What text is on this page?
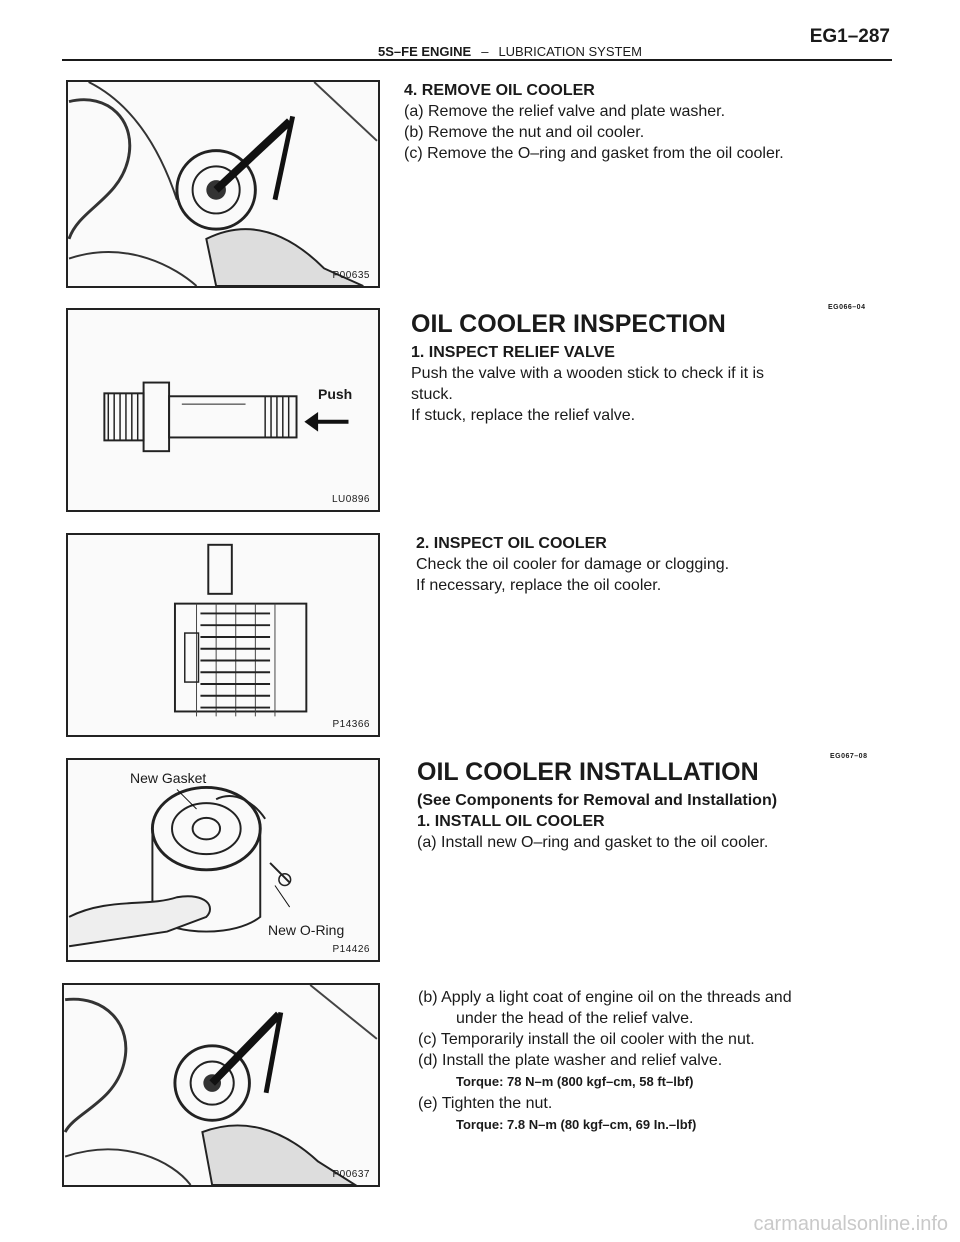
5S–FE ENGINE – LUBRICATION SYSTEM
EG1–287
P00635

4. REMOVE OIL COOLER

(a) Remove the relief valve and plate washer.

(b) Remove the nut and oil cooler.

(c) Remove the O–ring and gasket from the oil cooler.

Push
LU0896
EG066–04

OIL COOLER INSPECTION

1. INSPECT RELIEF VALVE

Push the valve with a wooden stick to check if it is

stuck.

If stuck, replace the relief valve.

P14366

2. INSPECT OIL COOLER

Check the oil cooler for damage or clogging.

If necessary, replace the oil cooler.

New Gasket
New O-Ring
P14426
EG067–08

OIL COOLER INSTALLATION

(See Components for Removal and Installation)

1. INSTALL OIL COOLER

(a) Install new O–ring and gasket to the oil cooler.

P00637

(b) Apply a light coat of engine oil on the threads and

under the head of the relief valve.

(c) Temporarily install the oil cooler with the nut.

(d) Install the plate washer and relief valve.

Torque: 78 N–m (800 kgf–cm, 58 ft–lbf)

(e) Tighten the nut.

Torque: 7.8 N–m (80 kgf–cm, 69 In.–lbf)

carmanualsonline.info
